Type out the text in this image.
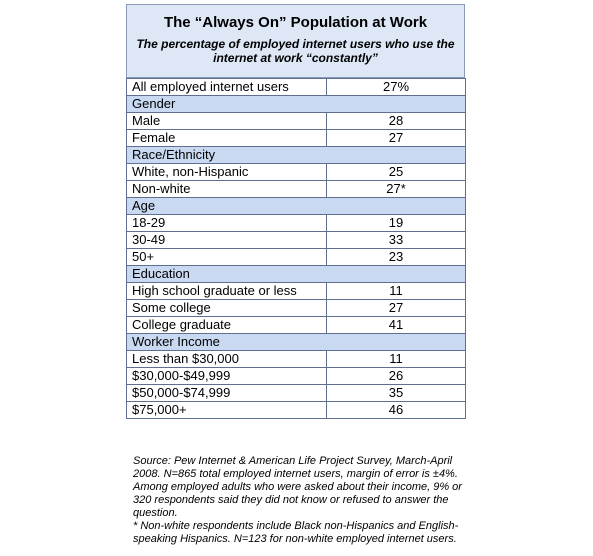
The “Always On” Population at Work
The percentage of employed internet users who use the internet at work “constantly”
All employed internet users	27%
Gender	
Male	28
Female	27
Race/Ethnicity	
White, non-Hispanic	25
Non-white	27*
Age	
18-29	19
30-49	33
50+	23
Education	
High school graduate or less	11
Some college	27
College graduate	41
Worker Income	
Less than $30,000	11
$30,000-$49,999	26
$50,000-$74,999	35
$75,000+	46
Source: Pew Internet & American Life Project Survey, March-April 2008. N=865 total employed internet users, margin of error is ±4%. Among employed adults who were asked about their income, 9% or 320 respondents said they did not know or refused to answer the question.
* Non-white respondents include Black non-Hispanics and English-speaking Hispanics. N=123 for non-white employed internet users.
